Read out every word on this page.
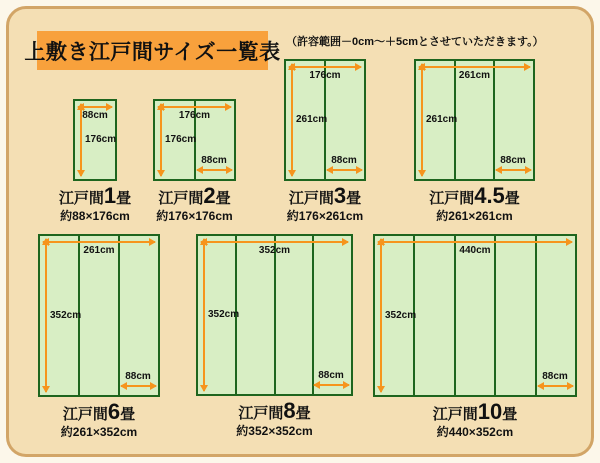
上敷き江戸間サイズ一覧表 （許容範囲－0cm～＋5cmとさせていただきます。）
88cm
176cm
江戸間1畳
約88×176cm
176cm
176cm
88cm
江戸間2畳
約176×176cm
176cm
261cm
88cm
江戸間3畳
約176×261cm
261cm
261cm
88cm
江戸間4.5畳
約261×261cm
261cm
352cm
88cm
江戸間6畳
約261×352cm
352cm
352cm
88cm
江戸間8畳
約352×352cm
440cm
352cm
88cm
江戸間10畳
約440×352cm
